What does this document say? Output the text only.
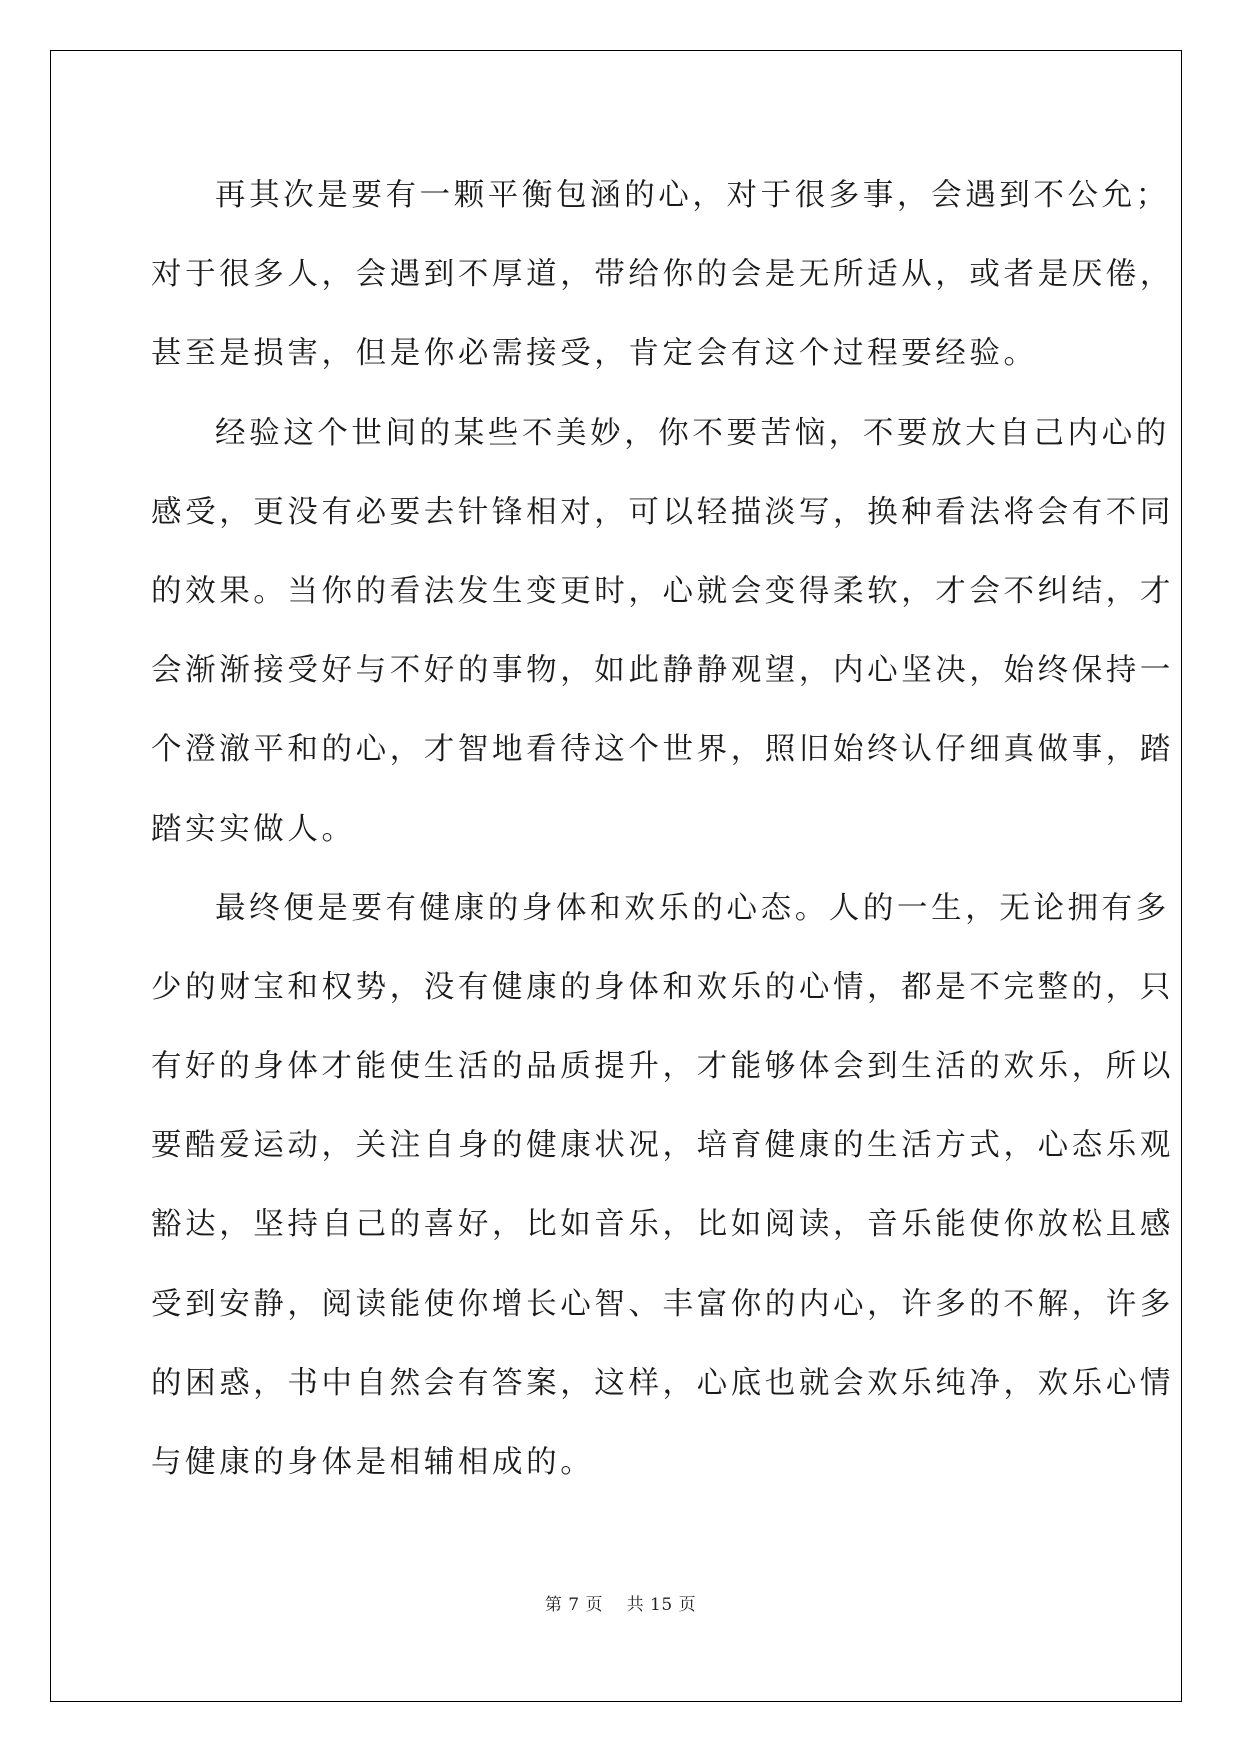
再其次是要有一颗平衡包涵的心，对于很多事，会遇到不公允；
对于很多人，会遇到不厚道，带给你的会是无所适从，或者是厌倦，
甚至是损害，但是你必需接受，肯定会有这个过程要经验。

经验这个世间的某些不美妙，你不要苦恼，不要放大自己内心的
感受，更没有必要去针锋相对，可以轻描淡写，换种看法将会有不同
的效果。当你的看法发生变更时，心就会变得柔软，才会不纠结，才
会渐渐接受好与不好的事物，如此静静观望，内心坚决，始终保持一
个澄澈平和的心，才智地看待这个世界，照旧始终认仔细真做事，踏
踏实实做人。

最终便是要有健康的身体和欢乐的心态。人的一生，无论拥有多
少的财宝和权势，没有健康的身体和欢乐的心情，都是不完整的，只
有好的身体才能使生活的品质提升，才能够体会到生活的欢乐，所以
要酷爱运动，关注自身的健康状况，培育健康的生活方式，心态乐观
豁达，坚持自己的喜好，比如音乐，比如阅读，音乐能使你放松且感
受到安静，阅读能使你增长心智、丰富你的内心，许多的不解，许多
的困惑，书中自然会有答案，这样，心底也就会欢乐纯净，欢乐心情
与健康的身体是相辅相成的。

第 7 页    共 15 页
